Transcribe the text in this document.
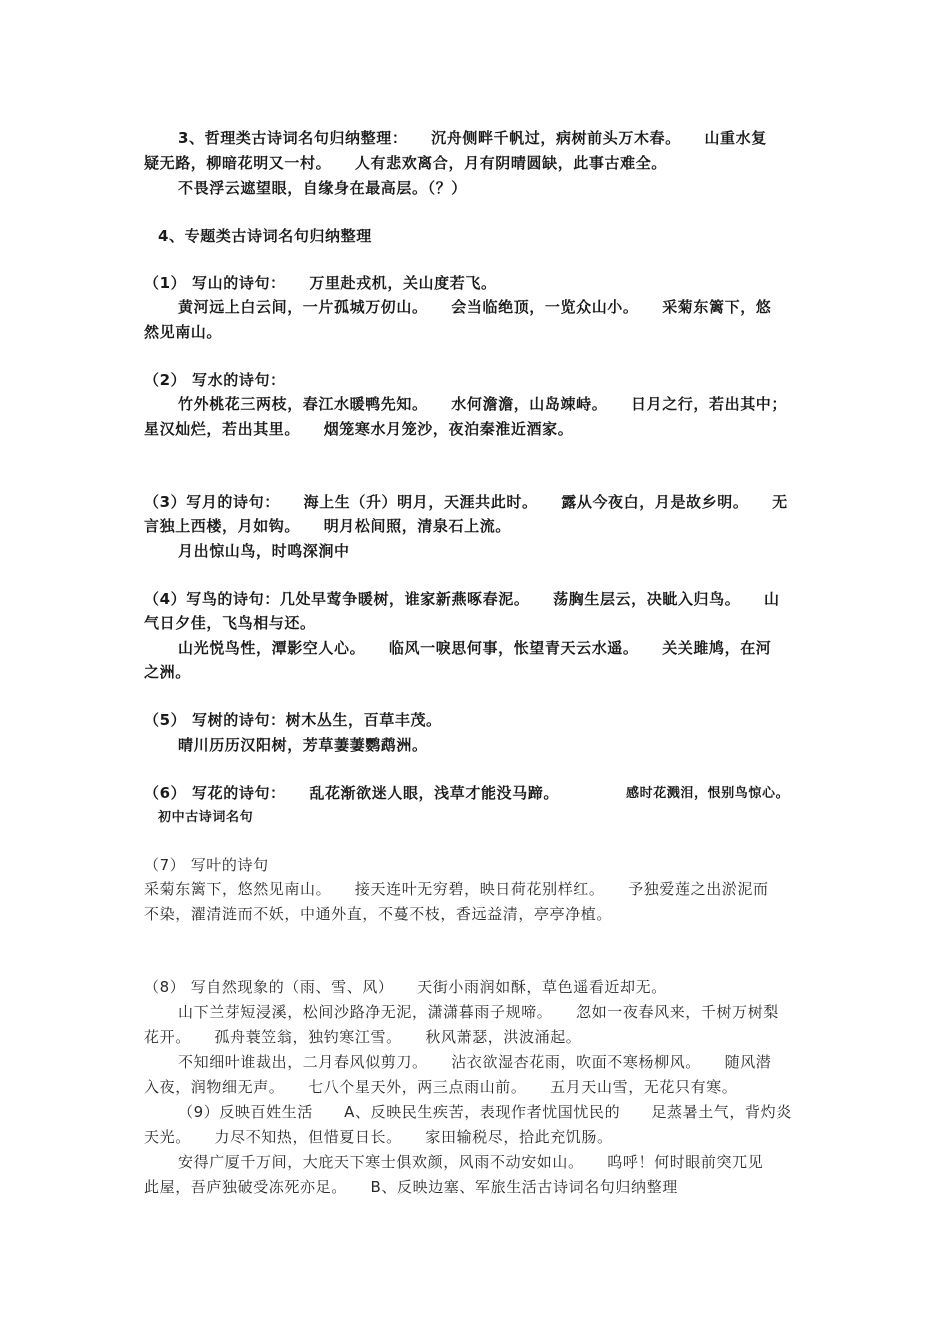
3、哲理类古诗词名句归纳整理：　　沉舟侧畔千帆过，病树前头万木春。　　山重水复
疑无路，柳暗花明又一村。　　人有悲欢离合，月有阴晴圆缺，此事古难全。
不畏浮云遮望眼，自缘身在最高层。（？）
4、专题类古诗词名句归纳整理
（1） 写山的诗句：　　万里赴戎机，关山度若飞。
黄河远上白云间，一片孤城万仞山。　　会当临绝顶，一览众山小。　　采菊东篱下，悠
然见南山。
（2） 写水的诗句：
竹外桃花三两枝，春江水暖鸭先知。　　水何澹澹，山岛竦峙。　　日月之行，若出其中；
星汉灿烂，若出其里。　　烟笼寒水月笼沙，夜泊秦淮近酒家。
（3）写月的诗句：　　海上生（升）明月，天涯共此时。　　露从今夜白，月是故乡明。　　无
言独上西楼，月如钩。　　明月松间照，清泉石上流。
月出惊山鸟，时鸣深涧中
（4）写鸟的诗句：几处早莺争暖树，谁家新燕啄春泥。　　荡胸生层云，决眦入归鸟。　　山
气日夕佳，飞鸟相与还。
山光悦鸟性，潭影空人心。　　临风一唳思何事，怅望青天云水遥。　　关关雎鸠，在河
之洲。
（5） 写树的诗句：树木丛生，百草丰茂。
晴川历历汉阳树，芳草萋萋鹦鹉洲。
（6） 写花的诗句：　　乱花渐欲迷人眼，浅草才能没马蹄。	感时花溅泪，恨别鸟惊心。
初中古诗词名句
（7） 写叶的诗句
采菊东篱下，悠然见南山。　　接天连叶无穷碧，映日荷花别样红。　　予独爱莲之出淤泥而
不染，濯清涟而不妖，中通外直，不蔓不枝，香远益清，亭亭净植。
（8） 写自然现象的（雨、雪、风）　　天街小雨润如酥，草色遥看近却无。
山下兰芽短浸溪，松间沙路净无泥，潇潇暮雨子规啼。　　忽如一夜春风来，千树万树梨
花开。　　孤舟蓑笠翁，独钓寒江雪。　　秋风萧瑟，洪波涌起。
不知细叶谁裁出，二月春风似剪刀。　　沾衣欲湿杏花雨，吹面不寒杨柳风。　　随风潜
入夜，润物细无声。　　七八个星天外，两三点雨山前。　　五月天山雪，无花只有寒。
（9）反映百姓生活　　A、反映民生疾苦，表现作者忧国忧民的　　足蒸暑土气，背灼炎
天光。　　力尽不知热，但惜夏日长。　　家田输税尽，拾此充饥肠。
安得广厦千万间，大庇天下寒士俱欢颜，风雨不动安如山。　　呜呼！何时眼前突兀见
此屋，吾庐独破受冻死亦足。　　B、反映边塞、军旅生活古诗词名句归纳整理
